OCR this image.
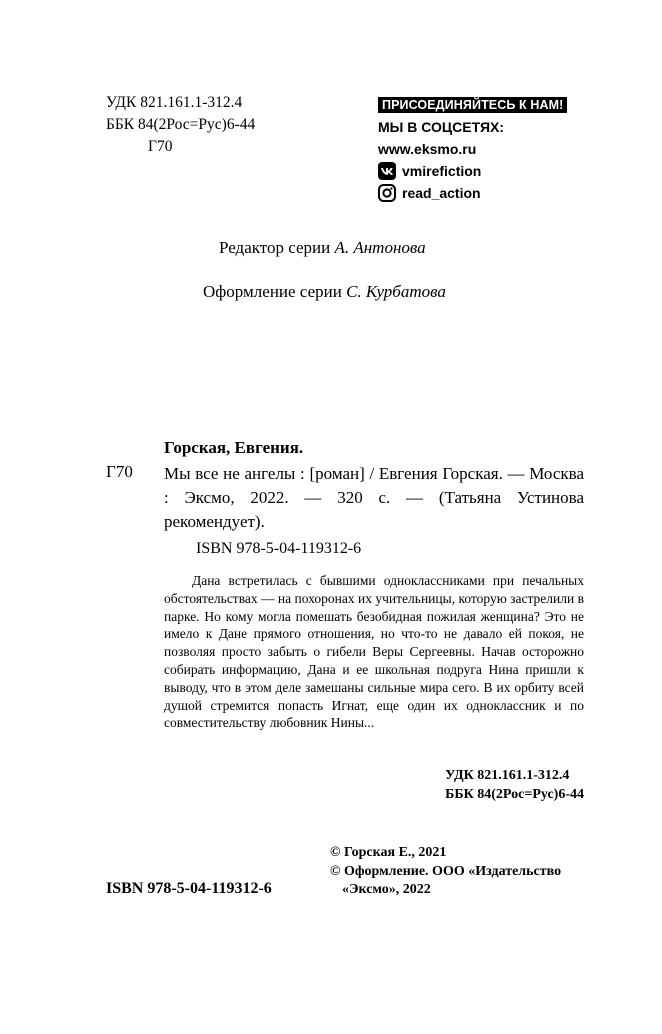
УДК 821.161.1-312.4
ББК 84(2Рос=Рус)6-44
Г70
ПРИСОЕДИНЯЙТЕСЬ К НАМ!
МЫ В СОЦСЕТЯХ:
www.eksmo.ru
vmirefiction
read_action
Редактор серии А. Антонова
Оформление серии С. Курбатова
Горская, Евгения.
Г70 Мы все не ангелы : [роман] / Евгения Горская. — Москва : Эксмо, 2022. — 320 с. — (Татьяна Устинова рекомендует).
ISBN 978-5-04-119312-6
Дана встретилась с бывшими одноклассниками при печальных обстоятельствах — на похоронах их учительницы, которую застрелили в парке. Но кому могла помешать безобидная пожилая женщина? Это не имело к Дане прямого отношения, но что-то не давало ей покоя, не позволяя просто забыть о гибели Веры Сергеевны. Начав осторожно собирать информацию, Дана и ее школьная подруга Нина пришли к выводу, что в этом деле замешаны сильные мира сего. В их орбиту всей душой стремится попасть Игнат, еще один их одноклассник и по совместительству любовник Нины...
УДК 821.161.1-312.4
ББК 84(2Рос=Рус)6-44
© Горская Е., 2021
© Оформление. ООО «Издательство
«Эксмо», 2022
ISBN 978-5-04-119312-6
